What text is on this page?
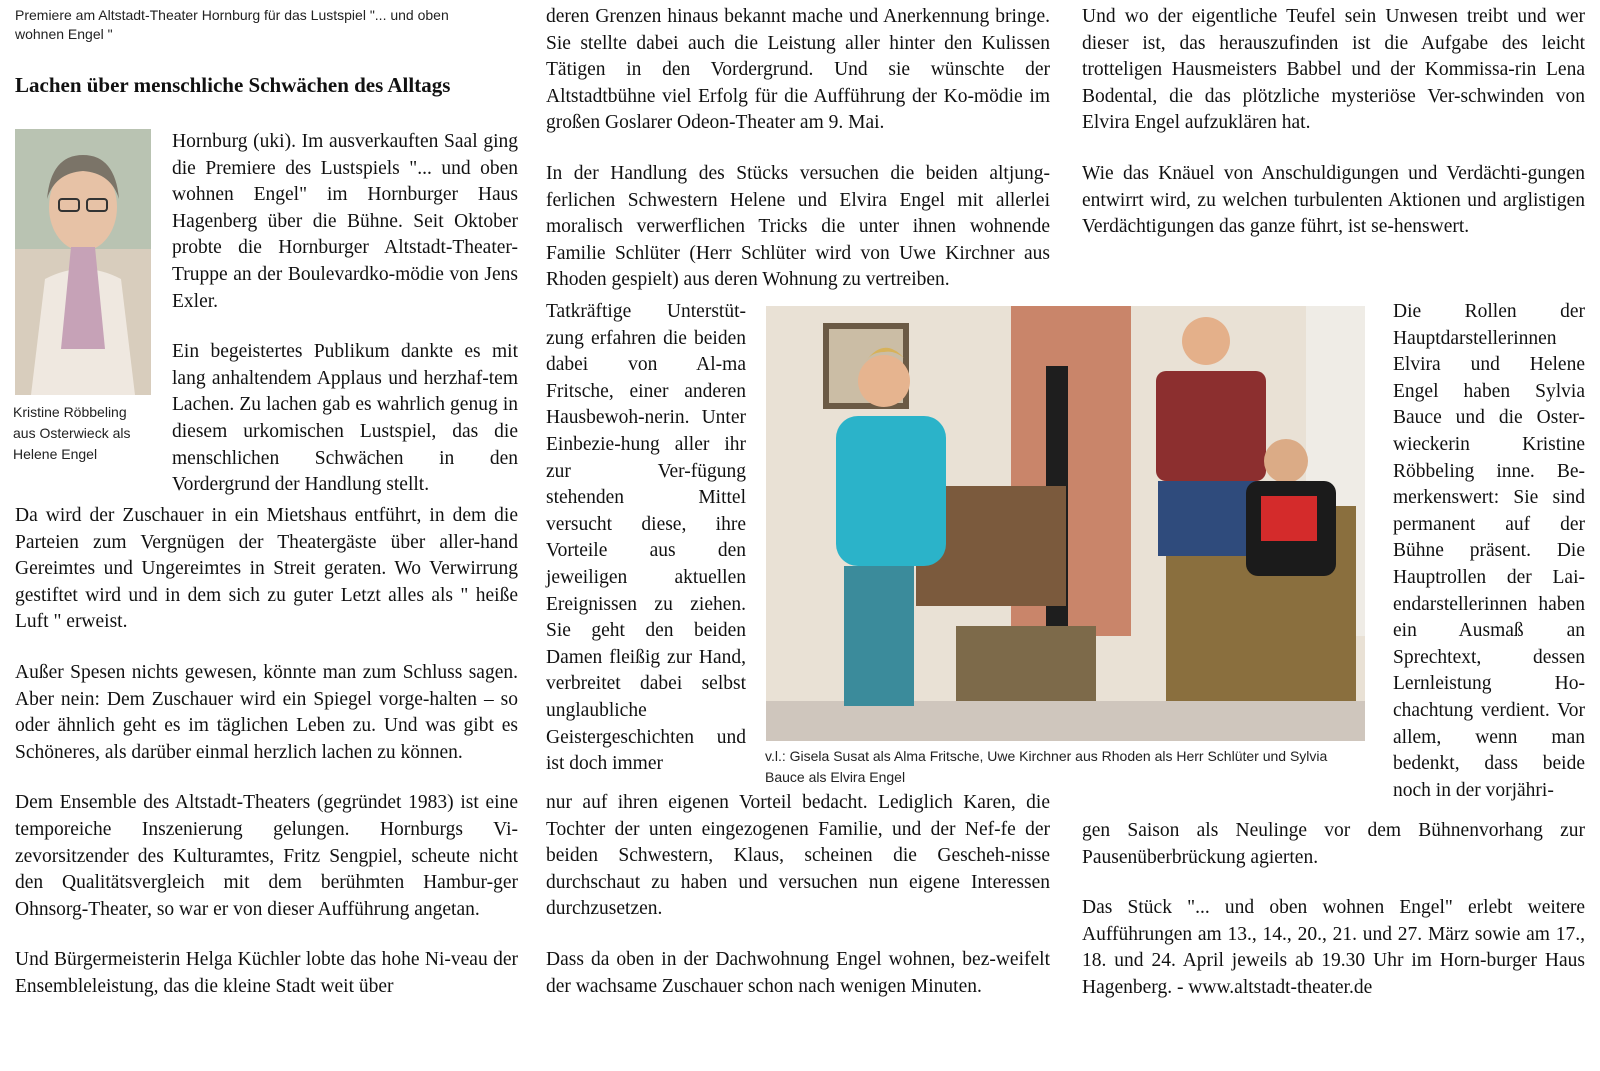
Premiere am Altstadt-Theater Hornburg für das Lustspiel "... und oben wohnen Engel "
Lachen über menschliche Schwächen des Alltags
Kristine Röbbeling aus Osterwieck als Helene Engel

Hornburg (uki). Im ausverkauften Saal ging die Premiere des Lustspiels "... und oben wohnen Engel" im Hornburger Haus Hagenberg über die Bühne. Seit Oktober probte die Hornburger Altstadt-Theater-Truppe an der Boulevardko-mödie von Jens Exler.

Ein begeistertes Publikum dankte es mit lang anhaltendem Applaus und herzhaf-tem Lachen. Zu lachen gab es wahrlich genug in diesem urkomischen Lustspiel, das die menschlichen Schwächen in den Vordergrund der Handlung stellt.

Da wird der Zuschauer in ein Mietshaus entführt, in dem die Parteien zum Vergnügen der Theatergäste über aller-hand Gereimtes und Ungereimtes in Streit geraten. Wo Verwirrung gestiftet wird und in dem sich zu guter Letzt alles als " heiße Luft " erweist.

Außer Spesen nichts gewesen, könnte man zum Schluss sagen. Aber nein: Dem Zuschauer wird ein Spiegel vorge-halten – so oder ähnlich geht es im täglichen Leben zu. Und was gibt es Schöneres, als darüber einmal herzlich lachen zu können.

Dem Ensemble des Altstadt-Theaters (gegründet 1983) ist eine temporeiche Inszenierung gelungen. Hornburgs Vi-zevorsitzender des Kulturamtes, Fritz Sengpiel, scheute nicht den Qualitätsvergleich mit dem berühmten Hambur-ger Ohnsorg-Theater, so war er von dieser Aufführung angetan.

Und Bürgermeisterin Helga Küchler lobte das hohe Ni-veau der Ensembleleistung, das die kleine Stadt weit über

deren Grenzen hinaus bekannt mache und Anerkennung bringe. Sie stellte dabei auch die Leistung aller hinter den Kulissen Tätigen in den Vordergrund. Und sie wünschte der Altstadtbühne viel Erfolg für die Aufführung der Ko-mödie im großen Goslarer Odeon-Theater am 9. Mai.

In der Handlung des Stücks versuchen die beiden altjung-ferlichen Schwestern Helene und Elvira Engel mit allerlei moralisch verwerflichen Tricks die unter ihnen wohnende Familie Schlüter (Herr Schlüter wird von Uwe Kirchner aus Rhoden gespielt) aus deren Wohnung zu vertreiben.

Tatkräftige Unterstüt-zung erfahren die beiden dabei von Al-ma Fritsche, einer anderen Hausbewoh-nerin. Unter Einbezie-hung aller ihr zur Ver-fügung stehenden Mittel versucht diese, ihre Vorteile aus den jeweiligen aktuellen Ereignissen zu ziehen. Sie geht den beiden Damen fleißig zur Hand, verbreitet dabei selbst unglaubliche Geistergeschichten und ist doch immer

nur auf ihren eigenen Vorteil bedacht. Lediglich Karen, die Tochter der unten eingezogenen Familie, und der Nef-fe der beiden Schwestern, Klaus, scheinen die Gescheh-nisse durchschaut zu haben und versuchen nun eigene Interessen durchzusetzen.

Dass da oben in der Dachwohnung Engel wohnen, bez-weifelt der wachsame Zuschauer schon nach wenigen Minuten.

v.l.: Gisela Susat als Alma Fritsche, Uwe Kirchner aus Rhoden als Herr Schlüter und Sylvia Bauce als Elvira Engel

Und wo der eigentliche Teufel sein Unwesen treibt und wer dieser ist, das herauszufinden ist die Aufgabe des leicht trotteligen Hausmeisters Babbel und der Kommissa-rin Lena Bodental, die das plötzliche mysteriöse Ver-schwinden von Elvira Engel aufzuklären hat.

Wie das Knäuel von Anschuldigungen und Verdächti-gungen entwirrt wird, zu welchen turbulenten Aktionen und arglistigen Verdächtigungen das ganze führt, ist se-henswert.

Die Rollen der Hauptdarstellerinnen Elvira und Helene Engel haben Sylvia Bauce und die Oster-wieckerin Kristine Röbbeling inne. Be-merkenswert: Sie sind permanent auf der Bühne präsent. Die Hauptrollen der Lai-endarstellerinnen haben ein Ausmaß an Sprechtext, dessen Lernleistung Ho-chachtung verdient. Vor allem, wenn man bedenkt, dass beide noch in der vorjähri-

gen Saison als Neulinge vor dem Bühnenvorhang zur Pausenüberbrückung agierten.

Das Stück "... und oben wohnen Engel" erlebt weitere Aufführungen am 13., 14., 20., 21. und 27. März sowie am 17., 18. und 24. April jeweils ab 19.30 Uhr im Horn-burger Haus Hagenberg. - www.altstadt-theater.de
